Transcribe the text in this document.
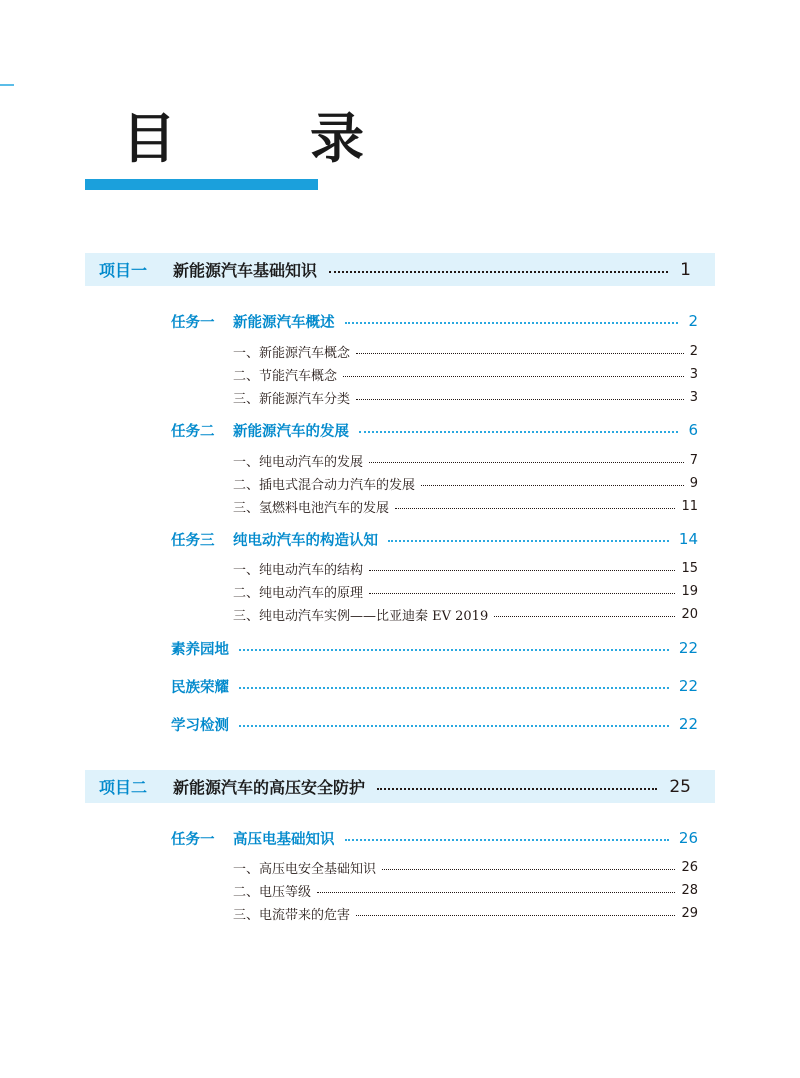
目　录
项目一	新能源汽车基础知识	1
任务一	新能源汽车概述	2
一、新能源汽车概念	2
二、节能汽车概念	3
三、新能源汽车分类	3
任务二	新能源汽车的发展	6
一、纯电动汽车的发展	7
二、插电式混合动力汽车的发展	9
三、氢燃料电池汽车的发展	11
任务三	纯电动汽车的构造认知	14
一、纯电动汽车的结构	15
二、纯电动汽车的原理	19
三、纯电动汽车实例——比亚迪秦 EV 2019	20
素养园地	22
民族荣耀	22
学习检测	22
项目二	新能源汽车的高压安全防护	25
任务一	高压电基础知识	26
一、高压电安全基础知识	26
二、电压等级	28
三、电流带来的危害	29
